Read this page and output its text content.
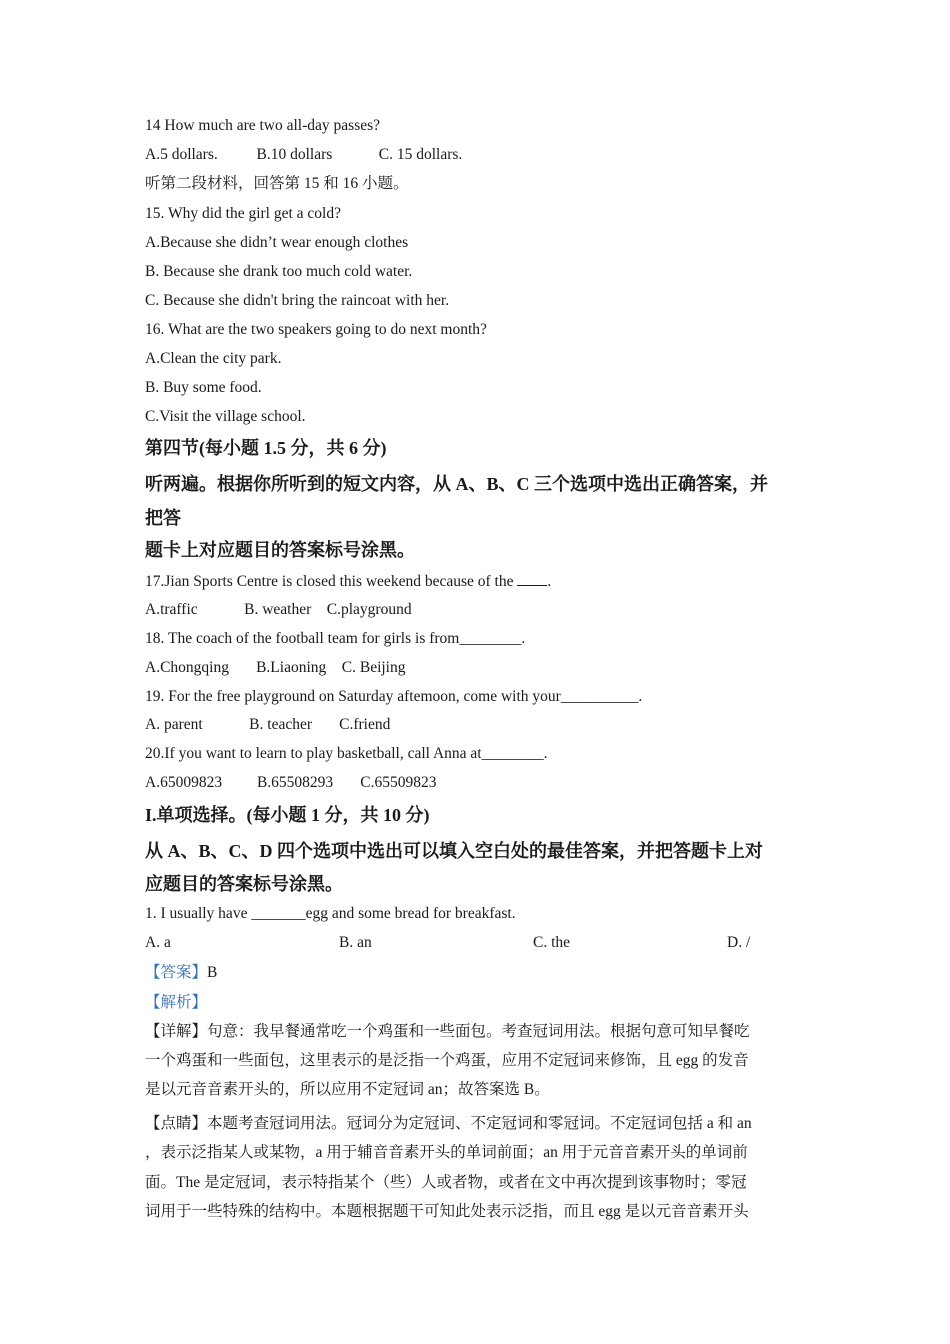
14 How much are two all-day passes?
A.5 dollars.          B.10 dollars            C. 15 dollars.
听第二段材料，回答第 15 和 16 小题。
15. Why did the girl get a cold?
A.Because she didn’t wear enough clothes
B. Because she drank too much cold water.
C. Because she didn't bring the raincoat with her.
16. What are the two speakers going to do next month?
A.Clean the city park.
B. Buy some food.
C.Visit the village school.
第四节(每小题 1.5 分，共 6 分)
听两遍。根据你所听到的短文内容，从 A、B、C 三个选项中选出正确答案，并
把答
题卡上对应题目的答案标号涂黑。
17.Jian Sports Centre is closed this weekend because of the .
A.traffic            B. weather    C.playground
18. The coach of the football team for girls is from________.
A.Chongqing       B.Liaoning    C. Beijing
19. For the free playground on Saturday aftemoon, come with your__________.
A. parent            B. teacher       C.friend
20.If you want to learn to play basketball, call Anna at________.
A.65009823         B.65508293       C.65509823
I.单项选择。(每小题 1 分，共 10 分)
从 A、B、C、D 四个选项中选出可以填入空白处的最佳答案，并把答题卡上对
应题目的答案标号涂黑。
1. I usually have _______egg and some bread for breakfast.
A. a	B. an	C. the	D. /
【答案】B
【解析】
【详解】句意：我早餐通常吃一个鸡蛋和一些面包。考查冠词用法。根据句意可知早餐吃
一个鸡蛋和一些面包，这里表示的是泛指一个鸡蛋，应用不定冠词来修饰，且 egg 的发音
是以元音音素开头的，所以应用不定冠词 an；故答案选 B。
【点睛】本题考查冠词用法。冠词分为定冠词、不定冠词和零冠词。不定冠词包括 a 和 an
，表示泛指某人或某物，a 用于辅音音素开头的单词前面；an 用于元音音素开头的单词前
面。The 是定冠词，表示特指某个（些）人或者物，或者在文中再次提到该事物时；零冠
词用于一些特殊的结构中。本题根据题干可知此处表示泛指，而且 egg 是以元音音素开头
